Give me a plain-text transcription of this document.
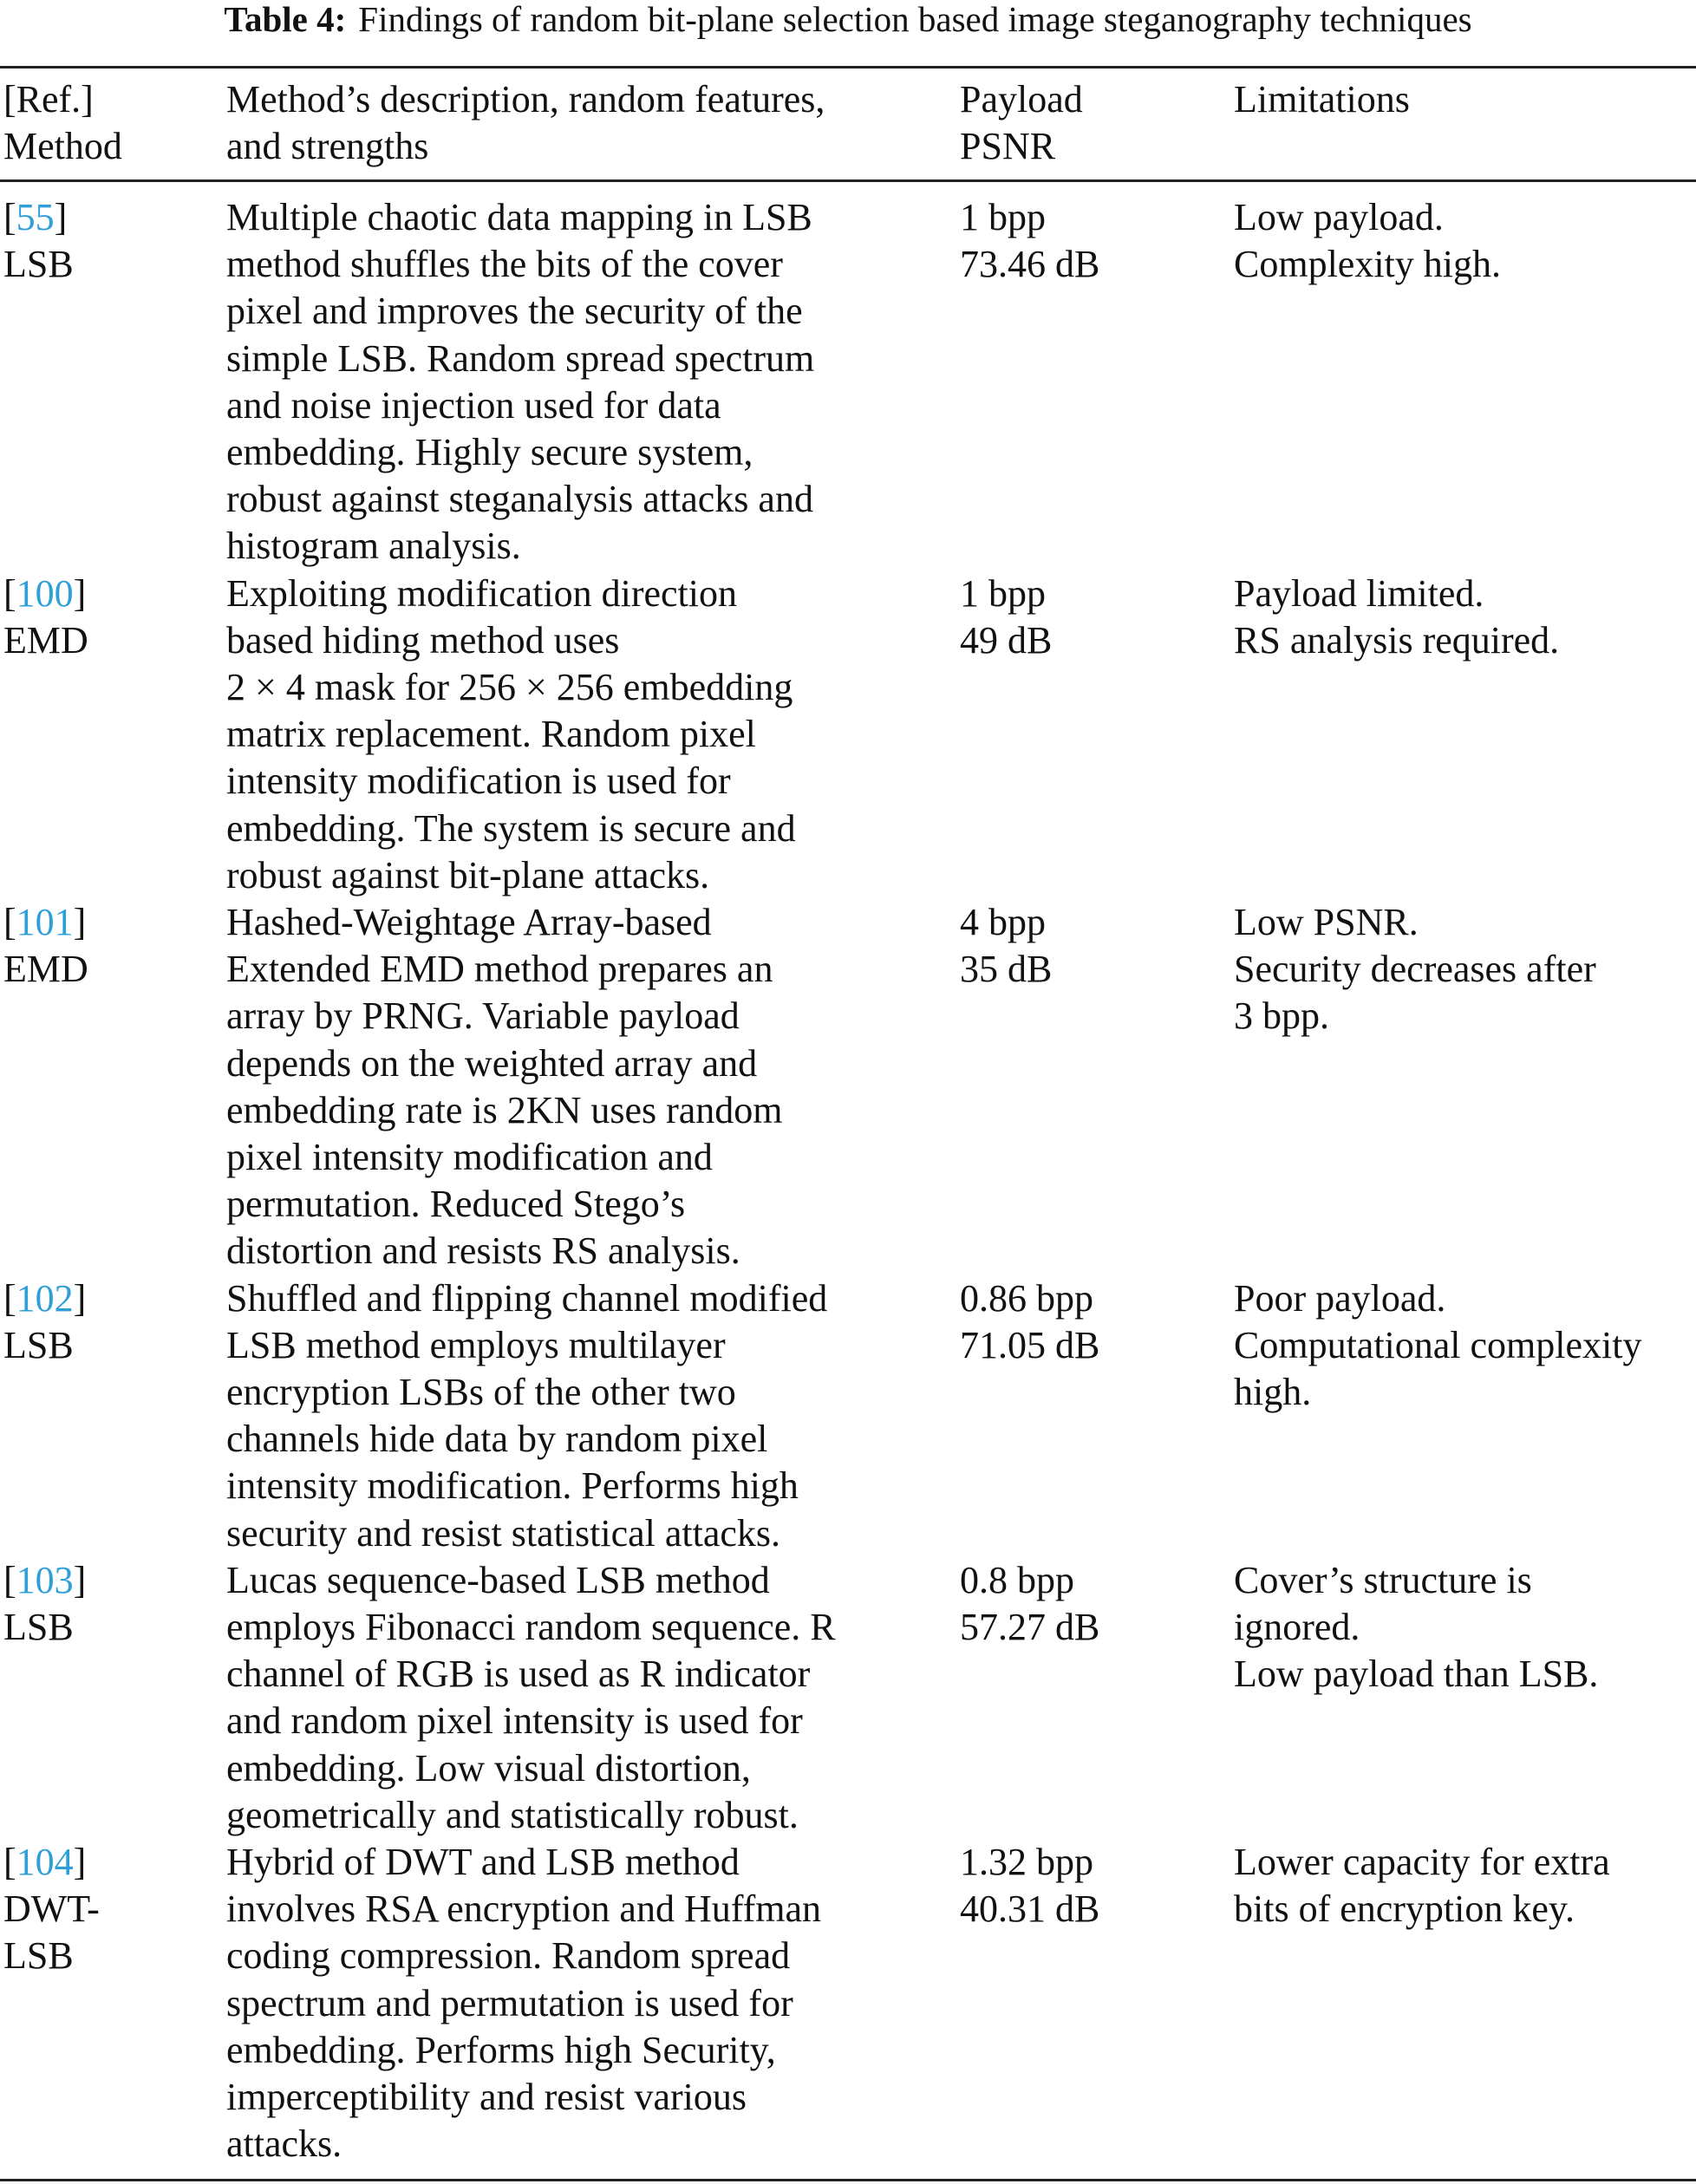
Table 4: Findings of random bit-plane selection based image steganography techniques
[Ref.]
Method
Method’s description, random features,
and strengths
Payload
PSNR
Limitations
[55]
LSB
Multiple chaotic data mapping in LSB
method shuffles the bits of the cover
pixel and improves the security of the
simple LSB. Random spread spectrum
and noise injection used for data
embedding. Highly secure system,
robust against steganalysis attacks and
histogram analysis.
1 bpp
73.46 dB
Low payload.
Complexity high.
[100]
EMD
Exploiting modification direction
based hiding method uses
2 × 4 mask for 256 × 256 embedding
matrix replacement. Random pixel
intensity modification is used for
embedding. The system is secure and
robust against bit-plane attacks.
1 bpp
49 dB
Payload limited.
RS analysis required.
[101]
EMD
Hashed-Weightage Array-based
Extended EMD method prepares an
array by PRNG. Variable payload
depends on the weighted array and
embedding rate is 2KN uses random
pixel intensity modification and
permutation. Reduced Stego’s
distortion and resists RS analysis.
4 bpp
35 dB
Low PSNR.
Security decreases after
3 bpp.
[102]
LSB
Shuffled and flipping channel modified
LSB method employs multilayer
encryption LSBs of the other two
channels hide data by random pixel
intensity modification. Performs high
security and resist statistical attacks.
0.86 bpp
71.05 dB
Poor payload.
Computational complexity
high.
[103]
LSB
Lucas sequence-based LSB method
employs Fibonacci random sequence. R
channel of RGB is used as R indicator
and random pixel intensity is used for
embedding. Low visual distortion,
geometrically and statistically robust.
0.8 bpp
57.27 dB
Cover’s structure is
ignored.
Low payload than LSB.
[104]
DWT-
LSB
Hybrid of DWT and LSB method
involves RSA encryption and Huffman
coding compression. Random spread
spectrum and permutation is used for
embedding. Performs high Security,
imperceptibility and resist various
attacks.
1.32 bpp
40.31 dB
Lower capacity for extra
bits of encryption key.
